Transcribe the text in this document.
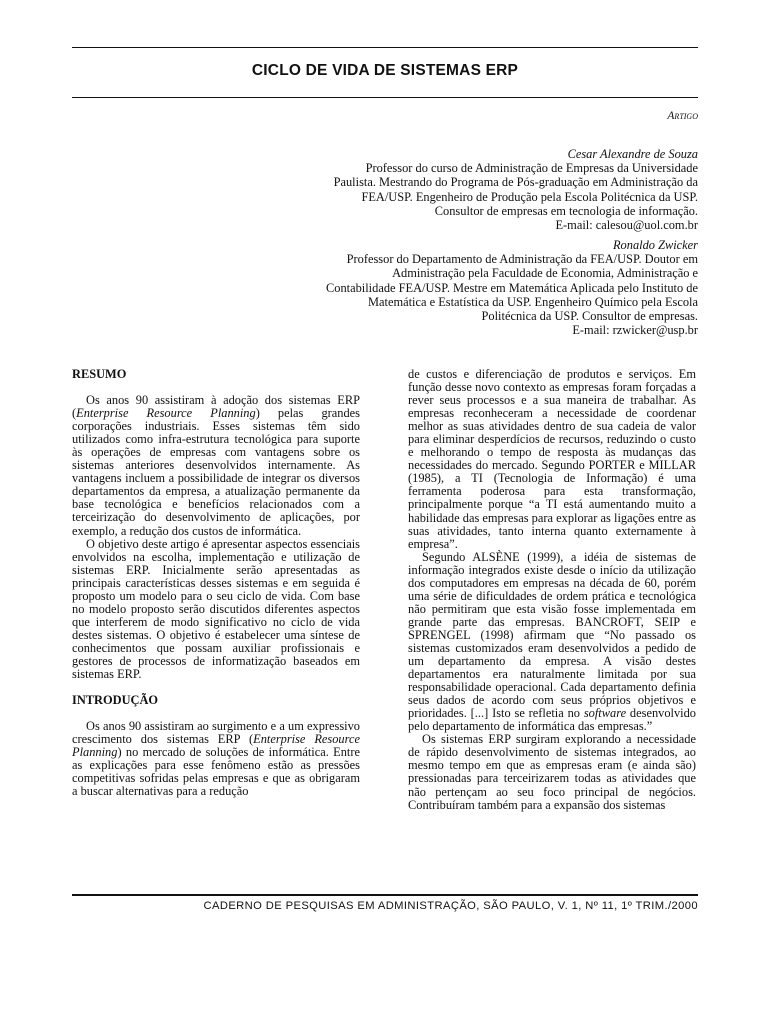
CICLO DE VIDA DE SISTEMAS ERP
Artigo
Cesar Alexandre de Souza
Professor do curso de Administração de Empresas da Universidade
Paulista. Mestrando do Programa de Pós-graduação em Administração da
FEA/USP. Engenheiro de Produção pela Escola Politécnica da USP.
Consultor de empresas em tecnologia de informação.
E-mail: calesou@uol.com.br
Ronaldo Zwicker
Professor do Departamento de Administração da FEA/USP. Doutor em
Administração pela Faculdade de Economia, Administração e
Contabilidade FEA/USP. Mestre em Matemática Aplicada pelo Instituto de
Matemática e Estatística da USP. Engenheiro Químico pela Escola
Politécnica da USP. Consultor de empresas.
E-mail: rzwicker@usp.br
RESUMO

Os anos 90 assistiram à adoção dos sistemas ERP (Enterprise Resource Planning) pelas grandes corporações industriais. Esses sistemas têm sido utilizados como infra-estrutura tecnológica para suporte às operações de empresas com vantagens sobre os sistemas anteriores desenvolvidos internamente. As vantagens incluem a possibilidade de integrar os diversos departamentos da empresa, a atualização permanente da base tecnológica e benefícios relacionados com a terceirização do desenvolvimento de aplicações, por exemplo, a redução dos custos de informática.

O objetivo deste artigo é apresentar aspectos essenciais envolvidos na escolha, implementação e utilização de sistemas ERP. Inicialmente serão apresentadas as principais características desses sistemas e em seguida é proposto um modelo para o seu ciclo de vida. Com base no modelo proposto serão discutidos diferentes aspectos que interferem de modo significativo no ciclo de vida destes sistemas. O objetivo é estabelecer uma síntese de conhecimentos que possam auxiliar profissionais e gestores de processos de informatização baseados em sistemas ERP.

INTRODUÇÃO

Os anos 90 assistiram ao surgimento e a um expressivo crescimento dos sistemas ERP (Enterprise Resource Planning) no mercado de soluções de informática. Entre as explicações para esse fenômeno estão as pressões competitivas sofridas pelas empresas e que as obrigaram a buscar alternativas para a redução

de custos e diferenciação de produtos e serviços. Em função desse novo contexto as empresas foram forçadas a rever seus processos e a sua maneira de trabalhar. As empresas reconheceram a necessidade de coordenar melhor as suas atividades dentro de sua cadeia de valor para eliminar desperdícios de recursos, reduzindo o custo e melhorando o tempo de resposta às mudanças das necessidades do mercado. Segundo PORTER e MILLAR (1985), a TI (Tecnologia de Informação) é uma ferramenta poderosa para esta transformação, principalmente porque “a TI está aumentando muito a habilidade das empresas para explorar as ligações entre as suas atividades, tanto interna quanto externamente à empresa”.

Segundo ALSÈNE (1999), a idéia de sistemas de informação integrados existe desde o início da utilização dos computadores em empresas na década de 60, porém uma série de dificuldades de ordem prática e tecnológica não permitiram que esta visão fosse implementada em grande parte das empresas. BANCROFT, SEIP e SPRENGEL (1998) afirmam que “No passado os sistemas customizados eram desenvolvidos a pedido de um departamento da empresa. A visão destes departamentos era naturalmente limitada por sua responsabilidade operacional. Cada departamento definia seus dados de acordo com seus próprios objetivos e prioridades. [...] Isto se refletia no software desenvolvido pelo departamento de informática das empresas.”

Os sistemas ERP surgiram explorando a necessidade de rápido desenvolvimento de sistemas integrados, ao mesmo tempo em que as empresas eram (e ainda são) pressionadas para terceirizarem todas as atividades que não pertençam ao seu foco principal de negócios. Contribuíram também para a expansão dos sistemas

CADERNO DE PESQUISAS EM ADMINISTRAÇÃO, SÃO PAULO, V. 1, Nº 11, 1º TRIM./2000
